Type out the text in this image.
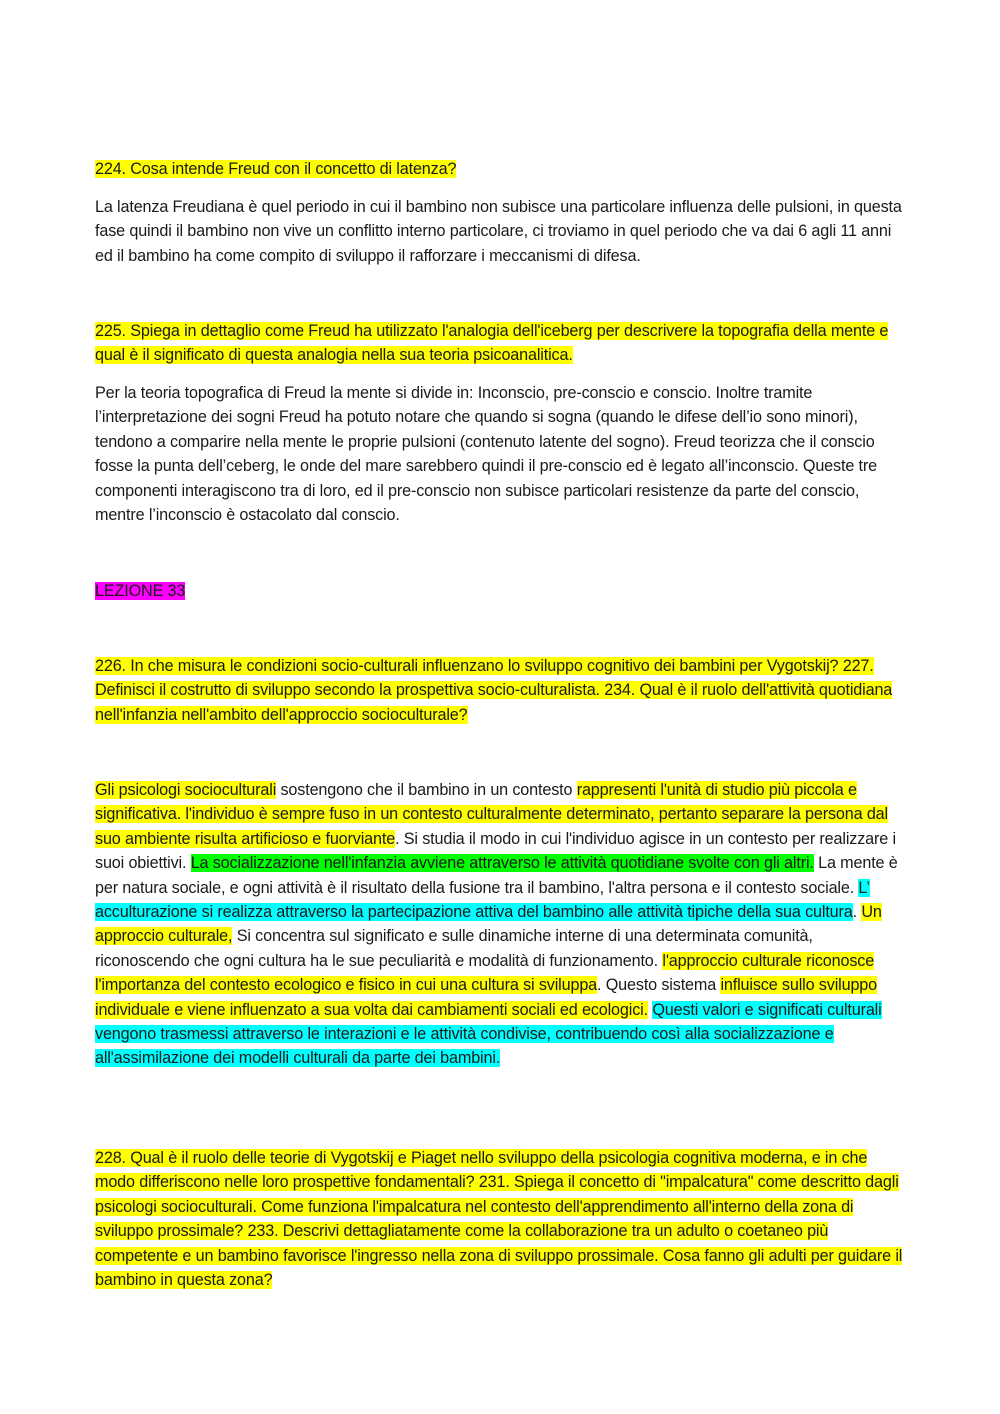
224. Cosa intende Freud con il concetto di latenza?
La latenza Freudiana è quel periodo in cui il bambino non subisce una particolare influenza delle pulsioni, in questa fase quindi il bambino non vive un conflitto interno particolare, ci troviamo in quel periodo che va dai 6 agli 11 anni ed il bambino ha come compito di sviluppo il rafforzare i meccanismi di difesa.
225. Spiega in dettaglio come Freud ha utilizzato l'analogia dell'iceberg per descrivere la topografia della mente e qual è il significato di questa analogia nella sua teoria psicoanalitica.
Per la teoria topografica di Freud la mente si divide in: Inconscio, pre-conscio e conscio. Inoltre tramite l’interpretazione dei sogni Freud ha potuto notare che quando si sogna (quando le difese dell’io sono minori), tendono a comparire nella mente le proprie pulsioni (contenuto latente del sogno). Freud teorizza che il conscio fosse la punta dell’ceberg, le onde del mare sarebbero quindi il pre-conscio ed è legato all’inconscio. Queste tre componenti interagiscono tra di loro, ed il pre-conscio non subisce particolari resistenze da parte del conscio, mentre l’inconscio è ostacolato dal conscio.
LEZIONE 33
226. In che misura le condizioni socio-culturali influenzano lo sviluppo cognitivo dei bambini per Vygotskij? 227. Definisci il costrutto di sviluppo secondo la prospettiva socio-culturalista. 234. Qual è il ruolo dell'attività quotidiana nell'infanzia nell'ambito dell'approccio socioculturale?
Gli psicologi socioculturali sostengono che il bambino in un contesto rappresenti l'unità di studio più piccola e significativa. l'individuo è sempre fuso in un contesto culturalmente determinato, pertanto separare la persona dal suo ambiente risulta artificioso e fuorviante. Si studia il modo in cui l'individuo agisce in un contesto per realizzare i suoi obiettivi. La socializzazione nell'infanzia avviene attraverso le attività quotidiane svolte con gli altri. La mente è per natura sociale, e ogni attività è il risultato della fusione tra il bambino, l'altra persona e il contesto sociale. L’ acculturazione si realizza attraverso la partecipazione attiva del bambino alle attività tipiche della sua cultura. Un approccio culturale, Si concentra sul significato e sulle dinamiche interne di una determinata comunità, riconoscendo che ogni cultura ha le sue peculiarità e modalità di funzionamento. l'approccio culturale riconosce l'importanza del contesto ecologico e fisico in cui una cultura si sviluppa. Questo sistema influisce sullo sviluppo individuale e viene influenzato a sua volta dai cambiamenti sociali ed ecologici. Questi valori e significati culturali vengono trasmessi attraverso le interazioni e le attività condivise, contribuendo così alla socializzazione e all'assimilazione dei modelli culturali da parte dei bambini.
228. Qual è il ruolo delle teorie di Vygotskij e Piaget nello sviluppo della psicologia cognitiva moderna, e in che modo differiscono nelle loro prospettive fondamentali? 231. Spiega il concetto di "impalcatura" come descritto dagli psicologi socioculturali. Come funziona l'impalcatura nel contesto dell'apprendimento all'interno della zona di sviluppo prossimale? 233. Descrivi dettagliatamente come la collaborazione tra un adulto o coetaneo più competente e un bambino favorisce l'ingresso nella zona di sviluppo prossimale. Cosa fanno gli adulti per guidare il bambino in questa zona?
